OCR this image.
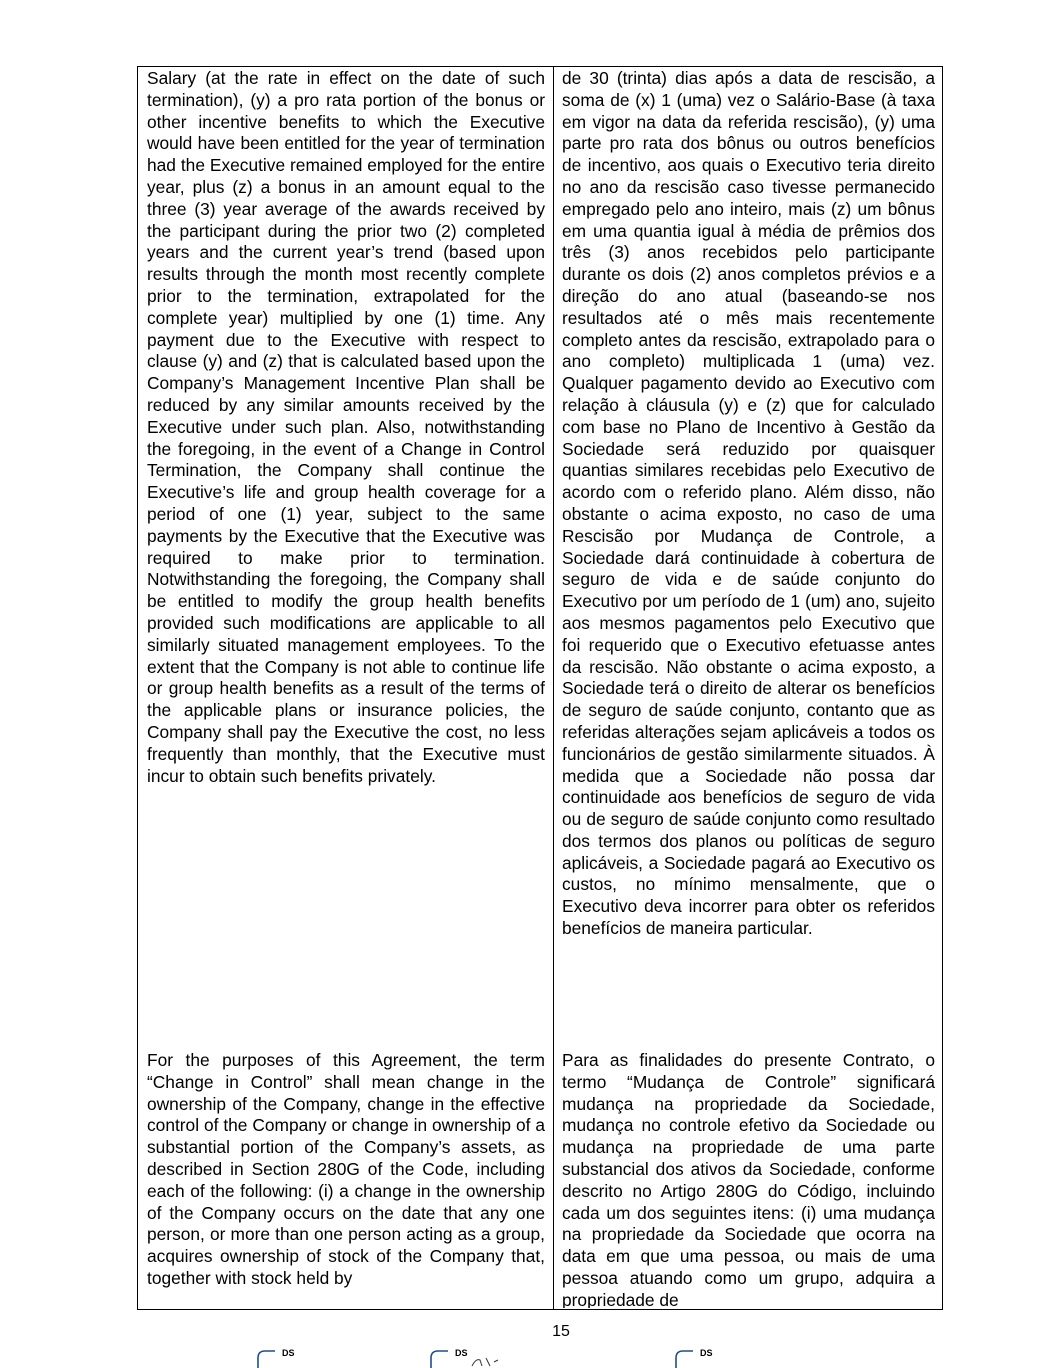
Salary (at the rate in effect on the date of such termination), (y) a pro rata portion of the bonus or other incentive benefits to which the Executive would have been entitled for the year of termination had the Executive remained employed for the entire year, plus (z) a bonus in an amount equal to the three (3) year average of the awards received by the participant during the prior two (2) completed years and the current year’s trend (based upon results through the month most recently complete prior to the termination, extrapolated for the complete year) multiplied by one (1) time. Any payment due to the Executive with respect to clause (y) and (z) that is calculated based upon the Company’s Management Incentive Plan shall be reduced by any similar amounts received by the Executive under such plan. Also, notwithstanding the foregoing, in the event of a Change in Control Termination, the Company shall continue the Executive’s life and group health coverage for a period of one (1) year, subject to the same payments by the Executive that the Executive was required to make prior to termination. Notwithstanding the foregoing, the Company shall be entitled to modify the group health benefits provided such modifications are applicable to all similarly situated management employees. To the extent that the Company is not able to continue life or group health benefits as a result of the terms of the applicable plans or insurance policies, the Company shall pay the Executive the cost, no less frequently than monthly, that the Executive must incur to obtain such benefits privately.
de 30 (trinta) dias após a data de rescisão, a soma de (x) 1 (uma) vez o Salário-Base (à taxa em vigor na data da referida rescisão), (y) uma parte pro rata dos bônus ou outros benefícios de incentivo, aos quais o Executivo teria direito no ano da rescisão caso tivesse permanecido empregado pelo ano inteiro, mais (z) um bônus em uma quantia igual à média de prêmios dos três (3) anos recebidos pelo participante durante os dois (2) anos completos prévios e a direção do ano atual (baseando-se nos resultados até o mês mais recentemente completo antes da rescisão, extrapolado para o ano completo) multiplicada 1 (uma) vez. Qualquer pagamento devido ao Executivo com relação à cláusula (y) e (z) que for calculado com base no Plano de Incentivo à Gestão da Sociedade será reduzido por quaisquer quantias similares recebidas pelo Executivo de acordo com o referido plano. Além disso, não obstante o acima exposto, no caso de uma Rescisão por Mudança de Controle, a Sociedade dará continuidade à cobertura de seguro de vida e de saúde conjunto do Executivo por um período de 1 (um) ano, sujeito aos mesmos pagamentos pelo Executivo que foi requerido que o Executivo efetuasse antes da rescisão. Não obstante o acima exposto, a Sociedade terá o direito de alterar os benefícios de seguro de saúde conjunto, contanto que as referidas alterações sejam aplicáveis a todos os funcionários de gestão similarmente situados. À medida que a Sociedade não possa dar continuidade aos benefícios de seguro de vida ou de seguro de saúde conjunto como resultado dos termos dos planos ou políticas de seguro aplicáveis, a Sociedade pagará ao Executivo os custos, no mínimo mensalmente, que o Executivo deva incorrer para obter os referidos benefícios de maneira particular.
For the purposes of this Agreement, the term “Change in Control” shall mean change in the ownership of the Company, change in the effective control of the Company or change in ownership of a substantial portion of the Company’s assets, as described in Section 280G of the Code, including each of the following: (i) a change in the ownership of the Company occurs on the date that any one person, or more than one person acting as a group, acquires ownership of stock of the Company that, together with stock held by
Para as finalidades do presente Contrato, o termo “Mudança de Controle” significará mudança na propriedade da Sociedade, mudança no controle efetivo da Sociedade ou mudança na propriedade de uma parte substancial dos ativos da Sociedade, conforme descrito no Artigo 280G do Código, incluindo cada um dos seguintes itens: (i) uma mudança na propriedade da Sociedade que ocorra na data em que uma pessoa, ou mais de uma pessoa atuando como um grupo, adquira a propriedade de
15
DS	DS	DS
